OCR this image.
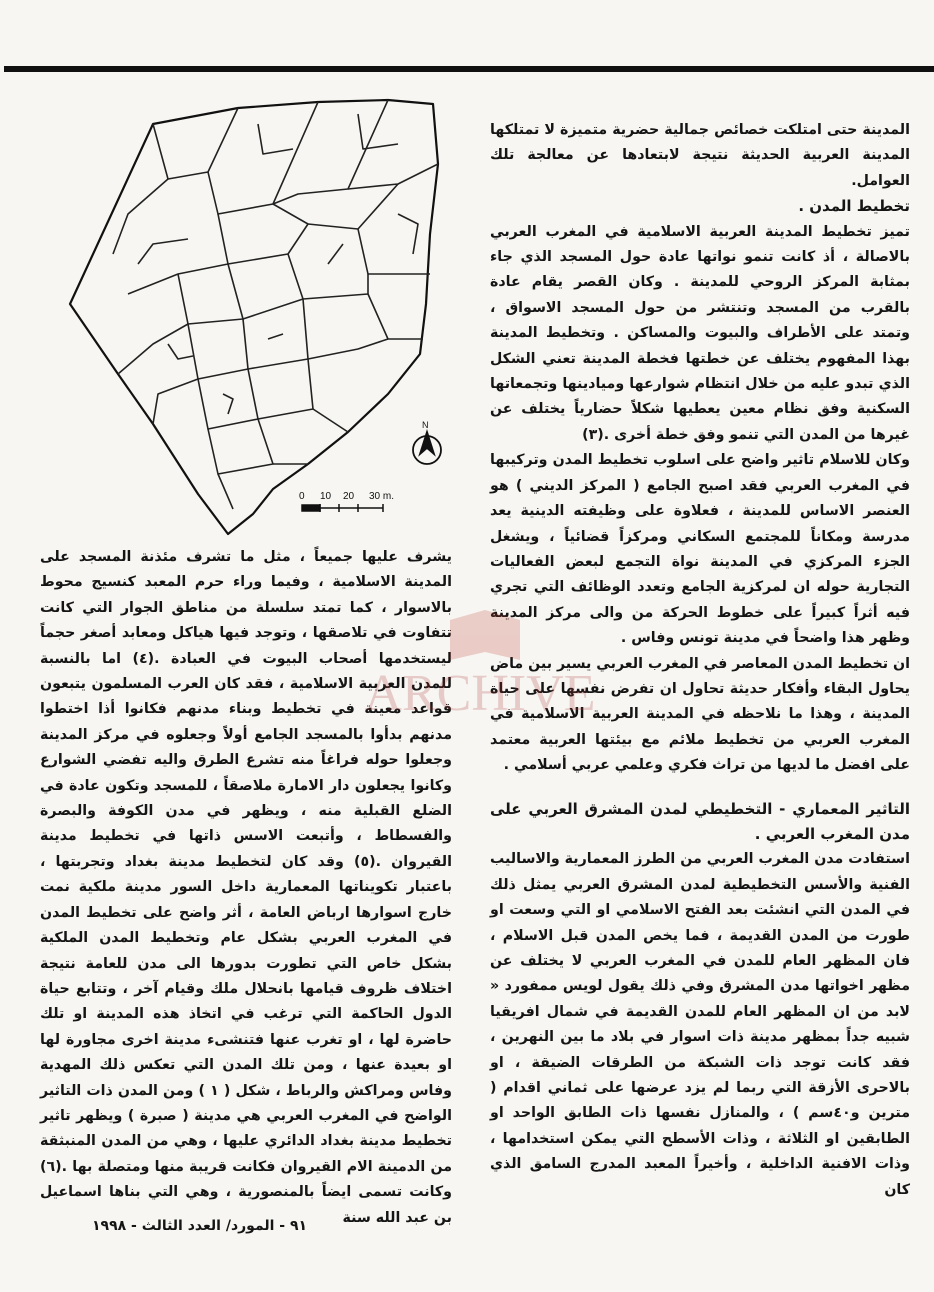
N
0 10 20 30 m.

المدينة حتى امتلكت خصائص جمالية حضرية متميزة لا تمتلكها المدينة العربية الحديثة نتيجة لابتعادها عن معالجة تلك العوامل.

تخطيط المدن .

تميز تخطيط المدينة العربية الاسلامية في المغرب العربي بالاصالة ، أذ كانت تنمو نواتها عادة حول المسجد الذي جاء بمثابة المركز الروحي للمدينة . وكان القصر يقام عادة بالقرب من المسجد وتنتشر من حول المسجد الاسواق ، وتمتد على الأطراف والبيوت والمساكن . وتخطيط المدينة بهذا المفهوم يختلف عن خطتها فخطة المدينة تعني الشكل الذي تبدو عليه من خلال انتظام شوارعها وميادينها وتجمعاتها السكنية وفق نظام معين يعطيها شكلاً حضارياً يختلف عن غيرها من المدن التي تنمو وفق خطة أخرى .(٣)

وكان للاسلام تاثير واضح على اسلوب تخطيط المدن وتركيبها في المغرب العربي فقد اصبح الجامع ( المركز الديني ) هو العنصر الاساس للمدينة ، فعلاوة على وظيفته الدينية يعد مدرسة ومكاناً للمجتمع السكاني ومركزاً قضائياً ، ويشغل الجزء المركزي في المدينة نواة التجمع لبعض الفعاليات التجارية حوله ان لمركزية الجامع وتعدد الوظائف التي تجري فيه أثراً كبيراً على خطوط الحركة من والى مركز المدينة وظهر هذا واضحاً في مدينة تونس وفاس .

ان تخطيط المدن المعاصر في المغرب العربي يسير بين ماض يحاول البقاء وأفكار حديثة تحاول ان تفرض نفسها على حياة المدينة ، وهذا ما نلاحظه في المدينة العربية الاسلامية في المغرب العربي من تخطيط ملائم مع بيئتها العربية معتمد على افضل ما لديها من تراث فكري وعلمي عربي أسلامي .

التاثير المعماري - التخطيطي لمدن المشرق العربي على مدن المغرب العربي .

استفادت مدن المغرب العربي من الطرز المعمارية والاساليب الفنية والأسس التخطيطية لمدن المشرق العربي يمثل ذلك في المدن التي انشئت بعد الفتح الاسلامي او التي وسعت او طورت من المدن القديمة ، فما يخص المدن قبل الاسلام ، فان المظهر العام للمدن في المغرب العربي لا يختلف عن مظهر اخواتها مدن المشرق وفي ذلك يقول لويس ممفورد « لابد من ان المظهر العام للمدن القديمة في شمال افريقيا شبيه جداً بمظهر مدينة ذات اسوار في بلاد ما بين النهرين ، فقد كانت توجد ذات الشبكة من الطرقات الضيقة ، او بالاحرى الأزقة التي ربما لم يزد عرضها على ثماني اقدام ( مترين و٤٠سم ) ، والمنازل نفسها ذات الطابق الواحد او الطابقين او الثلاثة ، وذات الأسطح التي يمكن استخدامها ، وذات الافنية الداخلية ، وأخيراً المعبد المدرج السامق الذي كان

يشرف عليها جميعاً ، مثل ما تشرف مئذنة المسجد على المدينة الاسلامية ، وفيما وراء حرم المعبد كنسيج محوط بالاسوار ، كما تمتد سلسلة من مناطق الجوار التي كانت تتفاوت في تلاصقها ، وتوجد فيها هياكل ومعابد أصغر حجماً ليستخدمها أصحاب البيوت في العبادة .(٤) اما بالنسبة للمدن العربية الاسلامية ، فقد كان العرب المسلمون يتبعون قواعد معينة في تخطيط وبناء مدنهم فكانوا أذا اختطوا مدنهم بدأوا بالمسجد الجامع أولاً وجعلوه في مركز المدينة وجعلوا حوله فراغاً منه تشرع الطرق واليه تفضي الشوارع وكانوا يجعلون دار الامارة ملاصقاً ، للمسجد وتكون عادة في الضلع القبلية منه ، ويظهر في مدن الكوفة والبصرة والفسطاط ، وأتبعت الاسس ذاتها في تخطيط مدينة القيروان .(٥) وقد كان لتخطيط مدينة بغداد وتجربتها ، باعتبار تكويناتها المعمارية داخل السور مدينة ملكية نمت خارج اسوارها ارباض العامة ، أثر واضح على تخطيط المدن في المغرب العربي بشكل عام وتخطيط المدن الملكية بشكل خاص التي تطورت بدورها الى مدن للعامة نتيجة اختلاف ظروف قيامها بانحلال ملك وقيام آخر ، وتتابع حياة الدول الحاكمة التي ترغب في اتخاذ هذه المدينة او تلك حاضرة لها ، او تغرب عنها فتنشىء مدينة اخرى مجاورة لها او بعيدة عنها ، ومن تلك المدن التي تعكس ذلك المهدية وفاس ومراكش والرباط ، شكل ( ١ ) ومن المدن ذات التاثير الواضح في المغرب العربي هي مدينة ( صبرة ) ويظهر تاثير تخطيط مدينة بغداد الدائري عليها ، وهي من المدن المنبثقة من الدمينة الام القيروان فكانت قريبة منها ومتصلة بها .(٦) وكانت تسمى ايضاً بالمنصورية ، وهي التي بناها اسماعيل بن عبد الله سنة

ARCHIVE
٩١ - المورد/ العدد الثالث - ١٩٩٨
